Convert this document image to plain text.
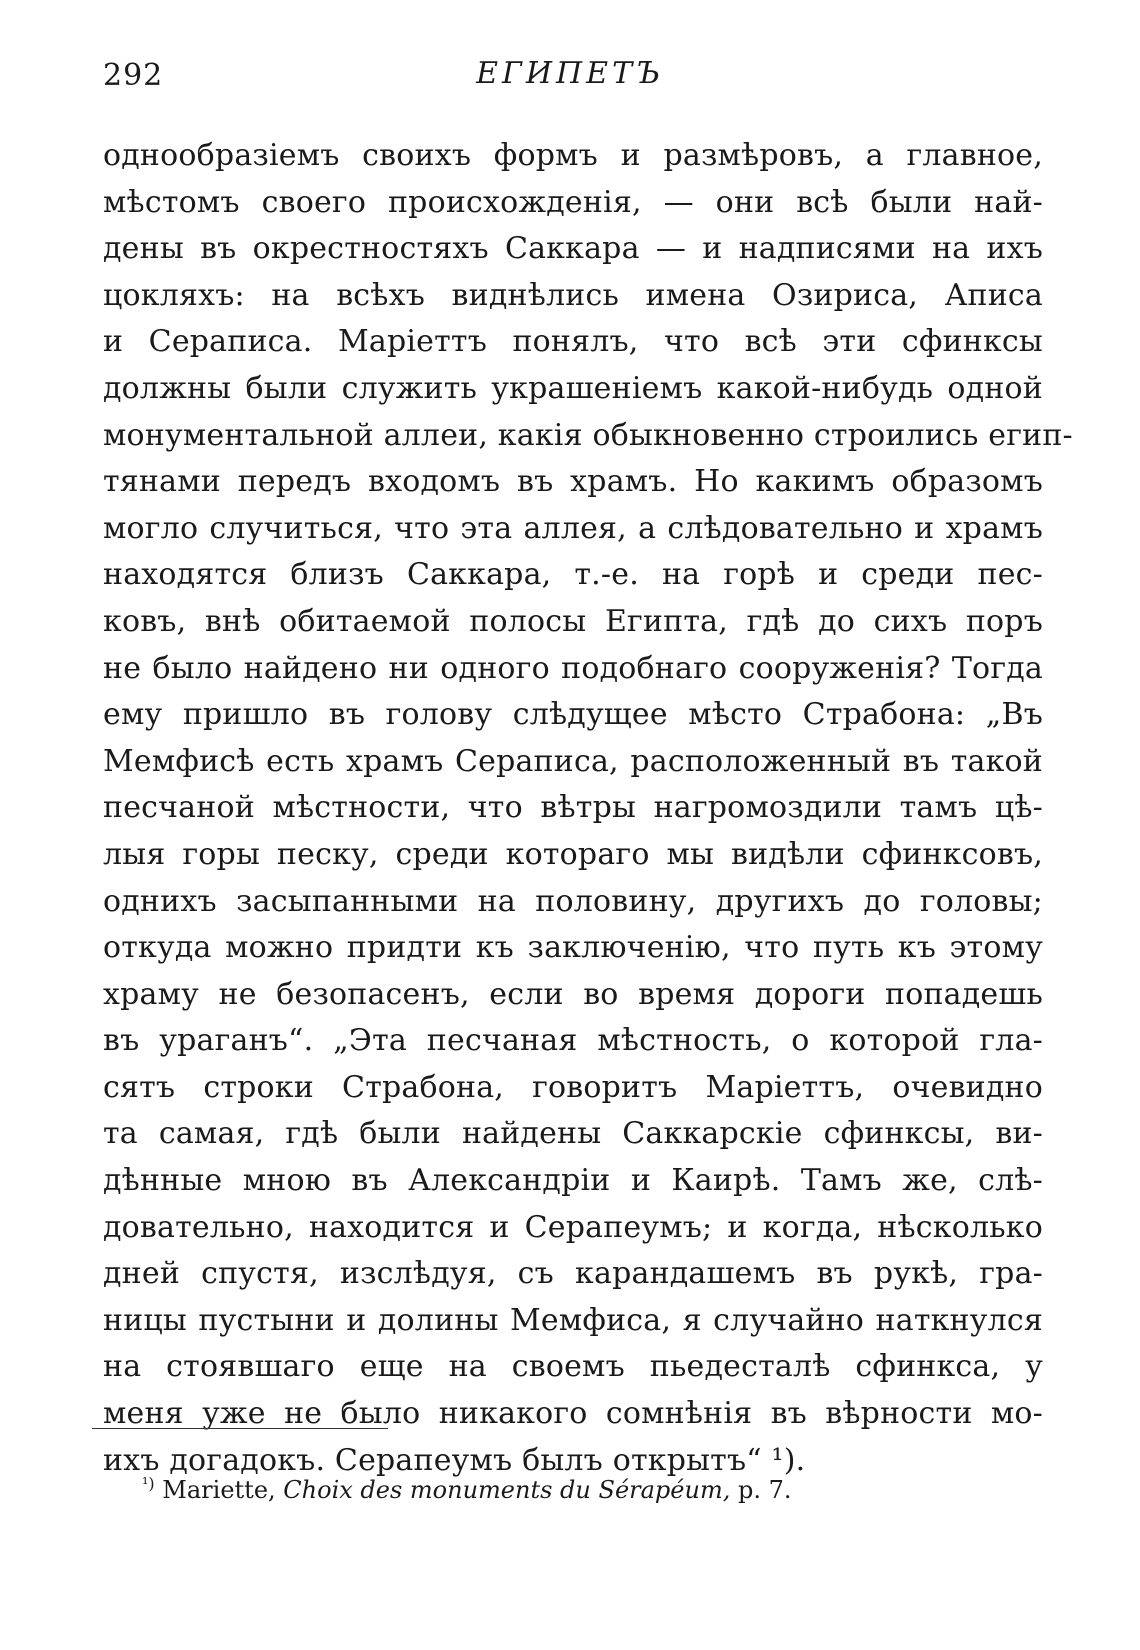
292	ЕГИПЕТЪ
однообразіемъ своихъ формъ и размѣровъ, а главное,
мѣстомъ своего происхожденія, — они всѣ были най-
дены въ окрестностяхъ Саккара — и надписями на ихъ
цокляхъ: на всѣхъ виднѣлись имена Озириса, Аписа
и Сераписа. Маріеттъ понялъ, что всѣ эти сфинксы
должны были служить украшеніемъ какой-нибудь одной
монументальной аллеи, какія обыкновенно строились егип-
тянами передъ входомъ въ храмъ. Но какимъ образомъ
могло случиться, что эта аллея, а слѣдовательно и храмъ
находятся близъ Саккара, т.-е. на горѣ и среди пес-
ковъ, внѣ обитаемой полосы Египта, гдѣ до сихъ поръ
не было найдено ни одного подобнаго сооруженія? Тогда
ему пришло въ голову слѣдущее мѣсто Страбона: „Въ
Мемфисѣ есть храмъ Сераписа, расположенный въ такой
песчаной мѣстности, что вѣтры нагромоздили тамъ цѣ-
лыя горы песку, среди котораго мы видѣли сфинксовъ,
однихъ засыпанными на половину, другихъ до головы;
откуда можно придти къ заключенію, что путь къ этому
храму не безопасенъ, если во время дороги попадешь
въ ураганъ“. „Эта песчаная мѣстность, о которой гла-
сятъ строки Страбона, говоритъ Маріеттъ, очевидно
та самая, гдѣ были найдены Саккарскіе сфинксы, ви-
дѣнные мною въ Александріи и Каирѣ. Тамъ же, слѣ-
довательно, находится и Серапеумъ; и когда, нѣсколько
дней спустя, изслѣдуя, съ карандашемъ въ рукѣ, гра-
ницы пустыни и долины Мемфиса, я случайно наткнулся
на стоявшаго еще на своемъ пьедесталѣ сфинкса, у
меня уже не было никакого сомнѣнія въ вѣрности мо-
ихъ догадокъ. Серапеумъ былъ открытъ“ ¹).
$^{^1)}$ Mariette, Choix des monuments du Sérapéum, p. 7.
